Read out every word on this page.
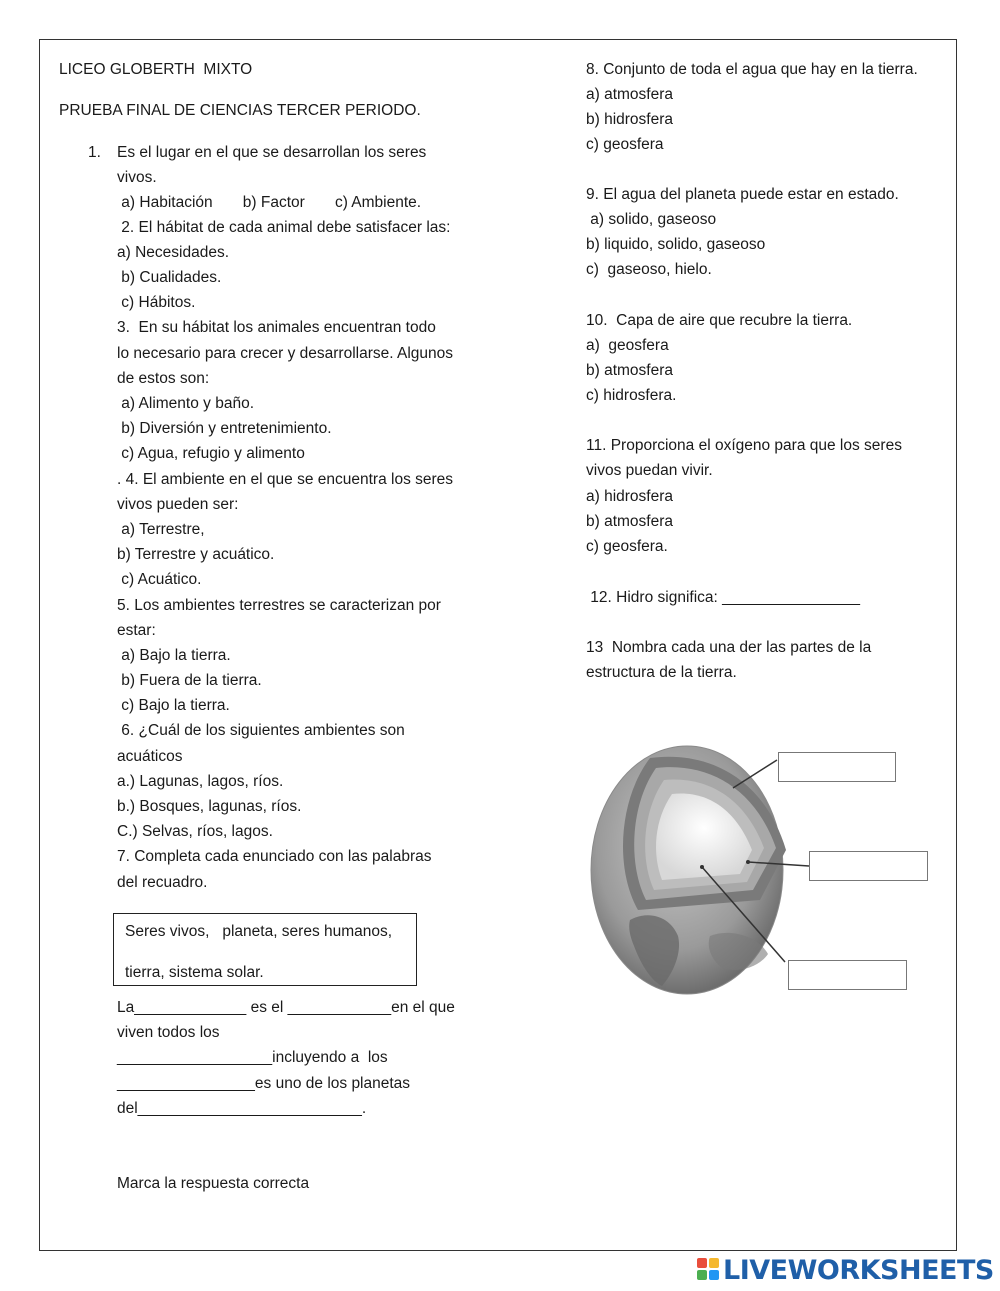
LICEO GLOBERTH  MIXTO
PRUEBA FINAL DE CIENCIAS TERCER PERIODO.
1. Es el lugar en el que se desarrollan los seres
vivos.
a) Habitación       b) Factor       c) Ambiente.
2. El hábitat de cada animal debe satisfacer las:
a) Necesidades.
b) Cualidades.
c) Hábitos.
3.  En su hábitat los animales encuentran todo
lo necesario para crecer y desarrollarse. Algunos
de estos son:
a) Alimento y baño.
b) Diversión y entretenimiento.
c) Agua, refugio y alimento
. 4. El ambiente en el que se encuentra los seres
vivos pueden ser:
a) Terrestre,
b) Terrestre y acuático.
c) Acuático.
5. Los ambientes terrestres se caracterizan por
estar:
a) Bajo la tierra.
b) Fuera de la tierra.
c) Bajo la tierra.
6. ¿Cuál de los siguientes ambientes son
acuáticos
a.) Lagunas, lagos, ríos.
b.) Bosques, lagunas, ríos.
C.) Selvas, ríos, lagos.
7. Completa cada enunciado con las palabras
del recuadro.
Seres vivos,   planeta, seres humanos,
tierra, sistema solar.
La_____________ es el ____________en el que
viven todos los
__________________incluyendo a  los
________________es uno de los planetas
del__________________________.
Marca la respuesta correcta
8. Conjunto de toda el agua que hay en la tierra.
a) atmosfera
b) hidrosfera
c) geosfera
9. El agua del planeta puede estar en estado.
a) solido, gaseoso
b) liquido, solido, gaseoso
c)  gaseoso, hielo.
10.  Capa de aire que recubre la tierra.
a)  geosfera
b) atmosfera
c) hidrosfera.
11. Proporciona el oxígeno para que los seres
vivos puedan vivir.
a) hidrosfera
b) atmosfera
c) geosfera.
12. Hidro significa: ________________
13  Nombra cada una der las partes de la
estructura de la tierra.
LIVEWORKSHEETS
